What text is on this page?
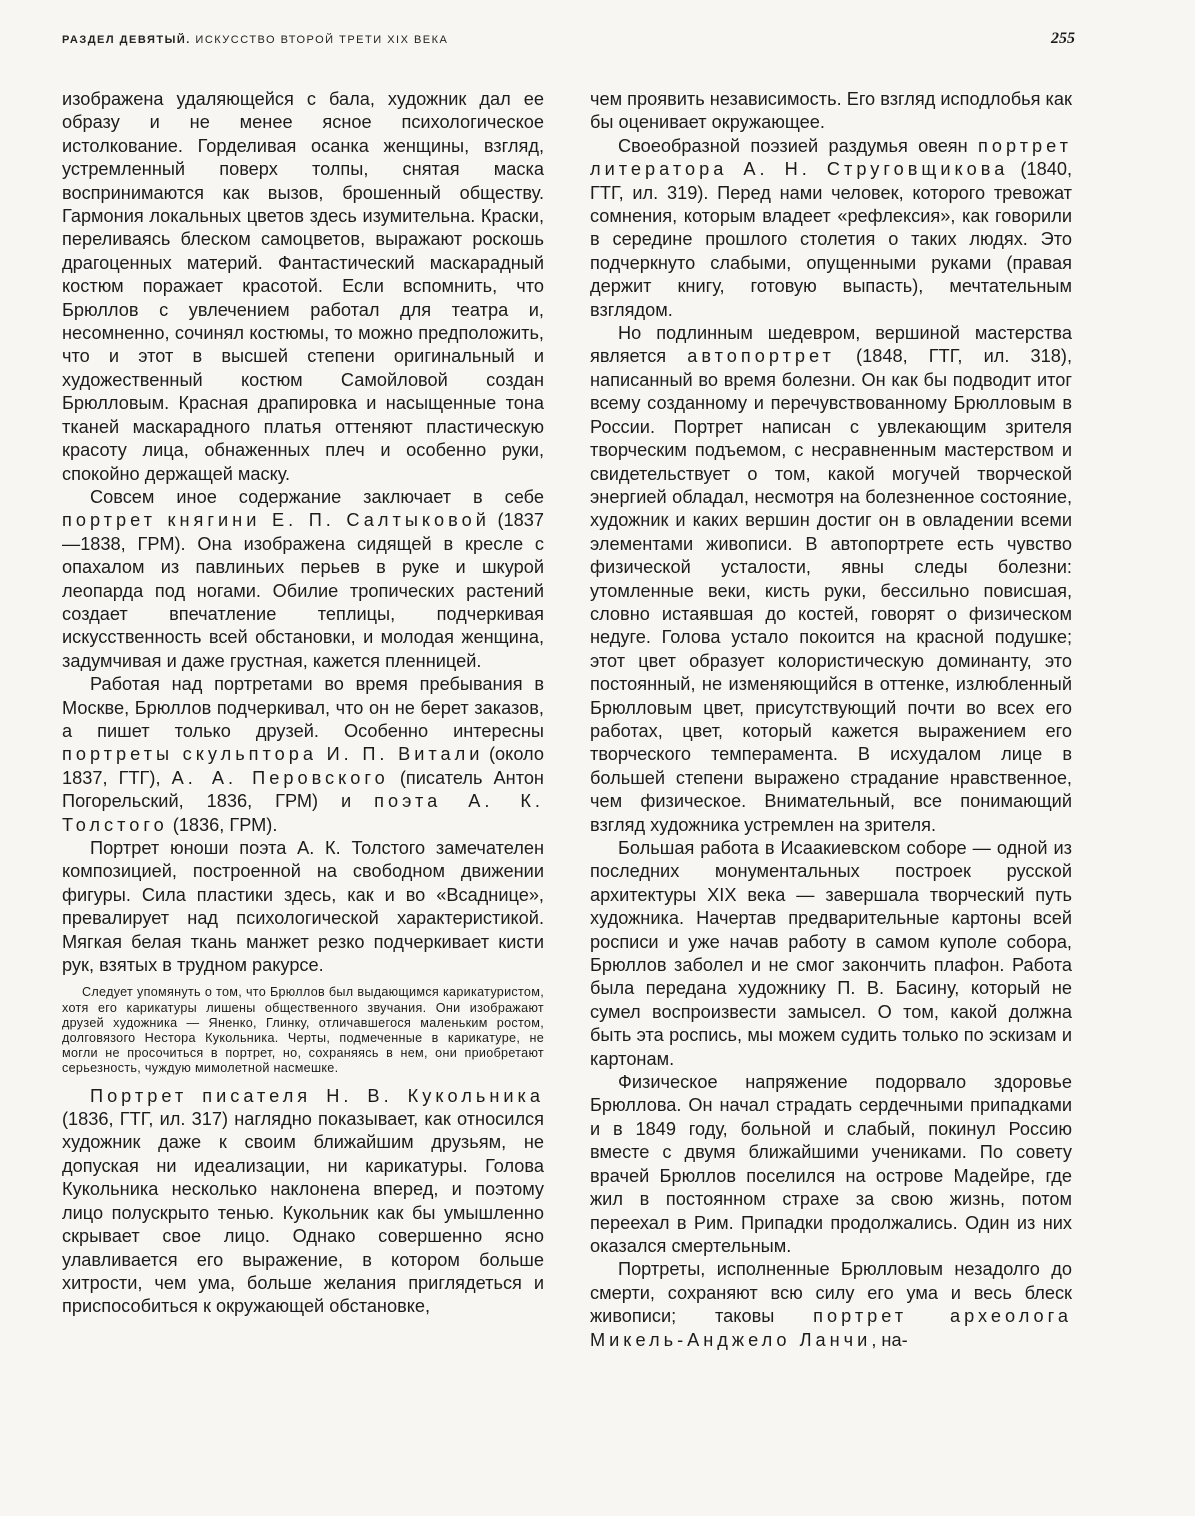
РАЗДЕЛ ДЕВЯТЫЙ. ИСКУССТВО ВТОРОЙ ТРЕТИ XIX ВЕКА	255

изображена удаляющейся с бала, художник дал ее образу и не менее ясное психологическое истолкование. Горделивая осанка женщины, взгляд, устремленный поверх толпы, снятая маска воспринимаются как вызов, брошенный обществу. Гармония локальных цветов здесь изумительна. Краски, переливаясь блеском самоцветов, выражают роскошь драгоценных материй. Фантастический маскарадный костюм поражает красотой. Если вспомнить, что Брюллов с увлечением работал для театра и, несомненно, сочинял костюмы, то можно предположить, что и этот в высшей степени оригинальный и художественный костюм Самойловой создан Брюлловым. Красная драпировка и насыщенные тона тканей маскарадного платья оттеняют пластическую красоту лица, обнаженных плеч и особенно руки, спокойно держащей маску.

Совсем иное содержание заключает в себе портрет княгини Е. П. Салтыковой (1837—1838, ГРМ). Она изображена сидящей в кресле с опахалом из павлиньих перьев в руке и шкурой леопарда под ногами. Обилие тропических растений создает впечатление теплицы, подчеркивая искусственность всей обстановки, и молодая женщина, задумчивая и даже грустная, кажется пленницей.

Работая над портретами во время пребывания в Москве, Брюллов подчеркивал, что он не берет заказов, а пишет только друзей. Особенно интересны портреты скульптора И. П. Витали (около 1837, ГТГ), А. А. Перовского (писатель Антон Погорельский, 1836, ГРМ) и поэта А. К. Толстого (1836, ГРМ).

Портрет юноши поэта А. К. Толстого замечателен композицией, построенной на свободном движении фигуры. Сила пластики здесь, как и во «Всаднице», превалирует над психологической характеристикой. Мягкая белая ткань манжет резко подчеркивает кисти рук, взятых в трудном ракурсе.

Следует упомянуть о том, что Брюллов был выдающимся карикатуристом, хотя его карикатуры лишены общественного звучания. Они изображают друзей художника — Яненко, Глинку, отличавшегося маленьким ростом, долговязого Нестора Кукольника. Черты, подмеченные в карикатуре, не могли не просочиться в портрет, но, сохраняясь в нем, они приобретают серьезность, чуждую мимолетной насмешке.

Портрет писателя Н. В. Кукольника (1836, ГТГ, ил. 317) наглядно показывает, как относился художник даже к своим ближайшим друзьям, не допуская ни идеализации, ни карикатуры. Голова Кукольника несколько наклонена вперед, и поэтому лицо полускрыто тенью. Кукольник как бы умышленно скрывает свое лицо. Однако совершенно ясно улавливается его выражение, в котором больше хитрости, чем ума, больше желания приглядеться и приспособиться к окружающей обстановке,

чем проявить независимость. Его взгляд исподлобья как бы оценивает окружающее.

Своеобразной поэзией раздумья овеян портрет литератора А. Н. Струговщикова (1840, ГТГ, ил. 319). Перед нами человек, которого тревожат сомнения, которым владеет «рефлексия», как говорили в середине прошлого столетия о таких людях. Это подчеркнуто слабыми, опущенными руками (правая держит книгу, готовую выпасть), мечтательным взглядом.

Но подлинным шедевром, вершиной мастерства является автопортрет (1848, ГТГ, ил. 318), написанный во время болезни. Он как бы подводит итог всему созданному и перечувствованному Брюлловым в России. Портрет написан с увлекающим зрителя творческим подъемом, с несравненным мастерством и свидетельствует о том, какой могучей творческой энергией обладал, несмотря на болезненное состояние, художник и каких вершин достиг он в овладении всеми элементами живописи. В автопортрете есть чувство физической усталости, явны следы болезни: утомленные веки, кисть руки, бессильно повисшая, словно истаявшая до костей, говорят о физическом недуге. Голова устало покоится на красной подушке; этот цвет образует колористическую доминанту, это постоянный, не изменяющийся в оттенке, излюбленный Брюлловым цвет, присутствующий почти во всех его работах, цвет, который кажется выражением его творческого темперамента. В исхудалом лице в большей степени выражено страдание нравственное, чем физическое. Внимательный, все понимающий взгляд художника устремлен на зрителя.

Большая работа в Исаакиевском соборе — одной из последних монументальных построек русской архитектуры XIX века — завершала творческий путь художника. Начертав предварительные картоны всей росписи и уже начав работу в самом куполе собора, Брюллов заболел и не смог закончить плафон. Работа была передана художнику П. В. Басину, который не сумел воспроизвести замысел. О том, какой должна быть эта роспись, мы можем судить только по эскизам и картонам.

Физическое напряжение подорвало здоровье Брюллова. Он начал страдать сердечными припадками и в 1849 году, больной и слабый, покинул Россию вместе с двумя ближайшими учениками. По совету врачей Брюллов поселился на острове Мадейре, где жил в постоянном страхе за свою жизнь, потом переехал в Рим. Припадки продолжались. Один из них оказался смертельным.

Портреты, исполненные Брюлловым незадолго до смерти, сохраняют всю силу его ума и весь блеск живописи; таковы портрет археолога Микель-Анджело Ланчи, на-
